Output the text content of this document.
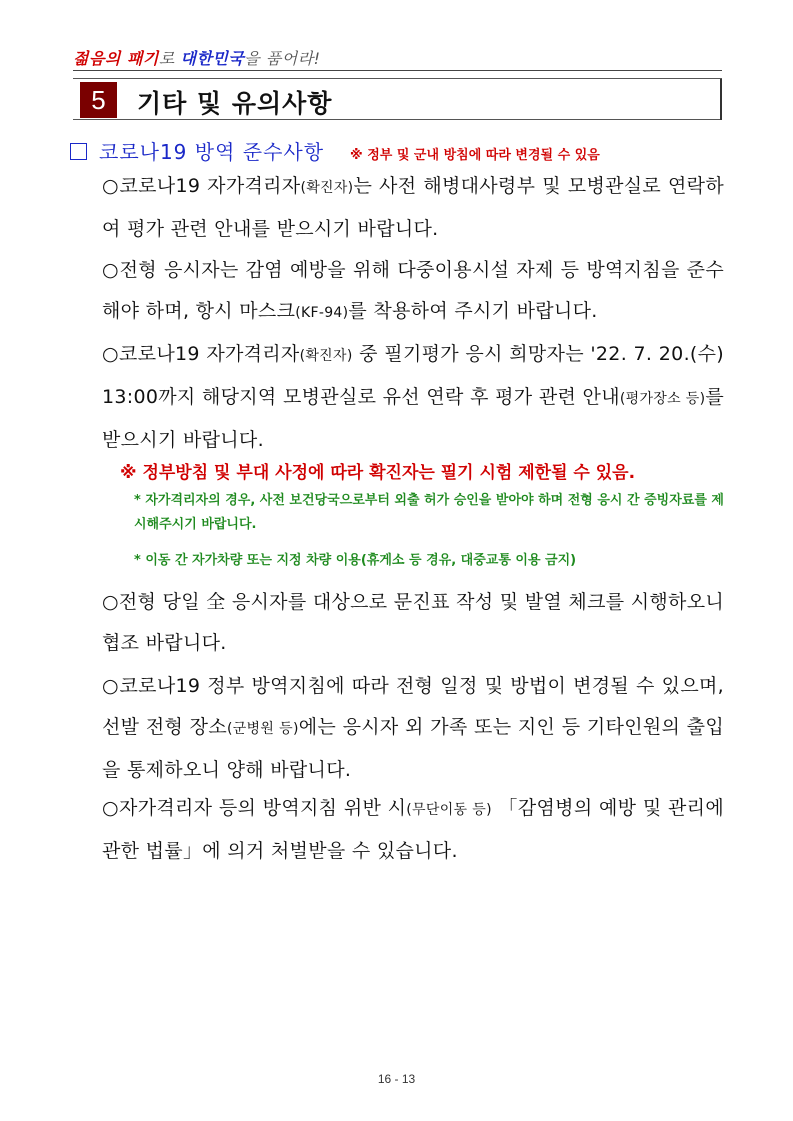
젊음의 패기로 대한민국을 품어라!
5	기타 및 유의사항
코로나19 방역 준수사항 ※ 정부 및 군내 방침에 따라 변경될 수 있음
○코로나19 자가격리자(확진자)는 사전 해병대사령부 및 모병관실로 연락하여 평가 관련 안내를 받으시기 바랍니다.
○전형 응시자는 감염 예방을 위해 다중이용시설 자제 등 방역지침을 준수해야 하며, 항시 마스크(KF-94)를 착용하여 주시기 바랍니다.
○코로나19 자가격리자(확진자) 중 필기평가 응시 희망자는 '22. 7. 20.(수) 13:00까지 해당지역 모병관실로 유선 연락 후 평가 관련 안내(평가장소 등)를 받으시기 바랍니다.
※ 정부방침 및 부대 사정에 따라 확진자는 필기 시험 제한될 수 있음.
* 자가격리자의 경우, 사전 보건당국으로부터 외출 허가 승인을 받아야 하며 전형 응시 간 증빙자료를 제시해주시기 바랍니다.
* 이동 간 자가차량 또는 지정 차량 이용(휴게소 등 경유, 대중교통 이용 금지)
○전형 당일 全 응시자를 대상으로 문진표 작성 및 발열 체크를 시행하오니 협조 바랍니다.
○코로나19 정부 방역지침에 따라 전형 일정 및 방법이 변경될 수 있으며, 선발 전형 장소(군병원 등)에는 응시자 외 가족 또는 지인 등 기타인원의 출입을 통제하오니 양해 바랍니다.
○자가격리자 등의 방역지침 위반 시(무단이동 등) 「감염병의 예방 및 관리에 관한 법률」에 의거 처벌받을 수 있습니다.
16 - 13
